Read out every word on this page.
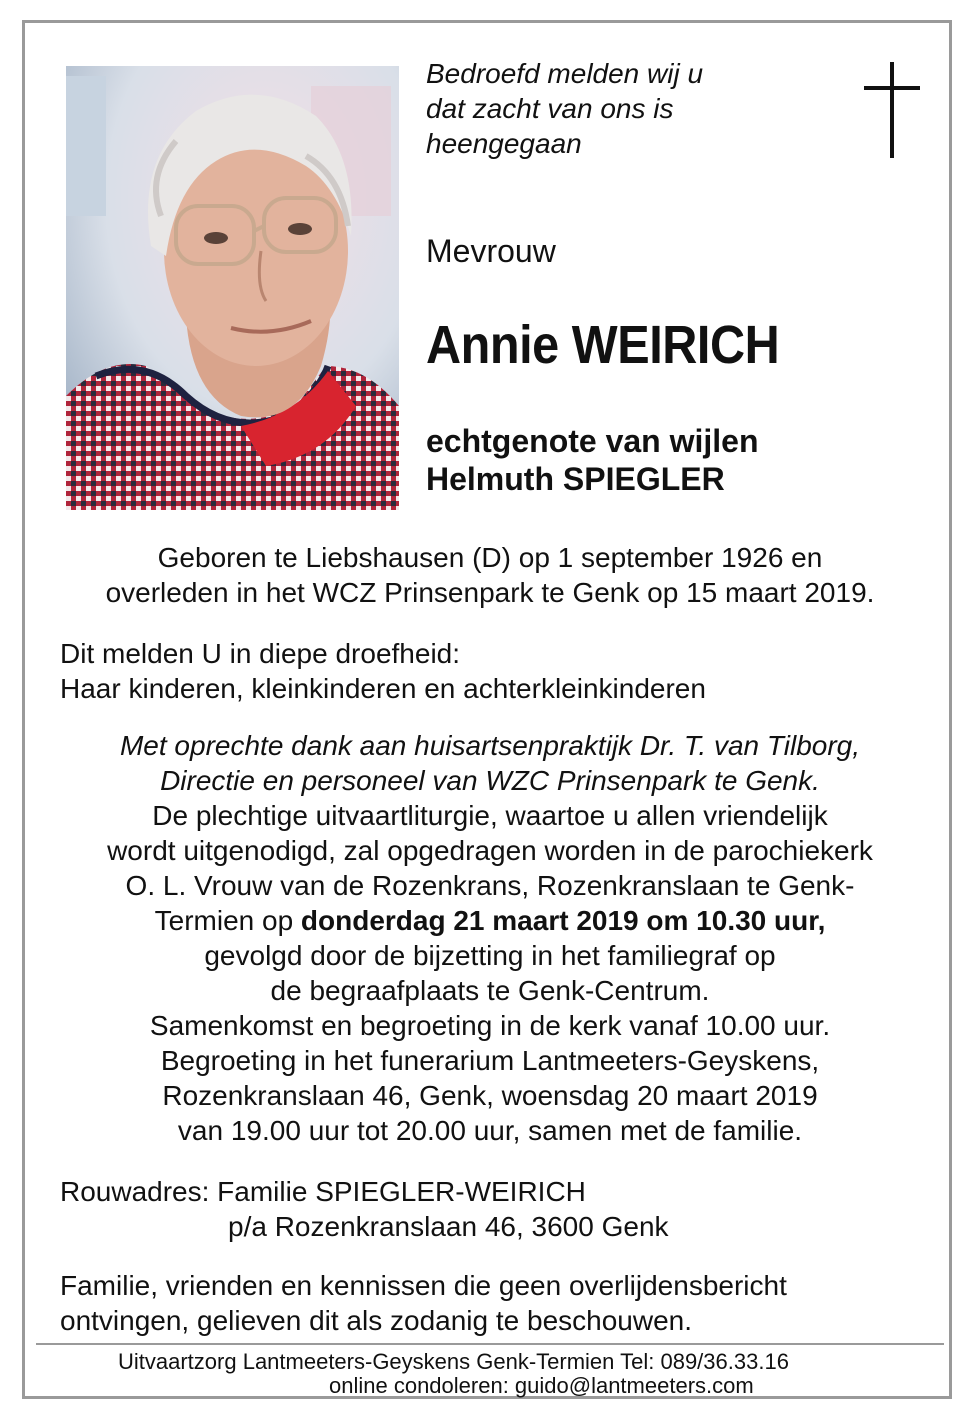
Bedroefd melden wij u
dat zacht van ons is
heengegaan
Mevrouw
Annie WEIRICH
echtgenote van wijlen
Helmuth SPIEGLER
Geboren te Liebshausen (D) op 1 september 1926 en
overleden in het WCZ Prinsenpark te Genk op 15 maart 2019.
Dit melden U in diepe droefheid:
Haar kinderen, kleinkinderen en achterkleinkinderen
Met oprechte dank aan huisartsenpraktijk Dr. T. van Tilborg,
Directie en personeel van WZC Prinsenpark te Genk.
De plechtige uitvaartliturgie, waartoe u allen vriendelijk
wordt uitgenodigd, zal opgedragen worden in de parochiekerk
O. L. Vrouw van de Rozenkrans, Rozenkranslaan te Genk-
Termien op donderdag 21 maart 2019 om 10.30 uur,
gevolgd door de bijzetting in het familiegraf op
de begraafplaats te Genk-Centrum.
Samenkomst en begroeting in de kerk vanaf 10.00 uur.
Begroeting in het funerarium Lantmeeters-Geyskens,
Rozenkranslaan 46, Genk, woensdag 20 maart 2019
van 19.00 uur tot 20.00 uur, samen met de familie.
Rouwadres: Familie SPIEGLER-WEIRICH
p/a Rozenkranslaan 46, 3600 Genk
Familie, vrienden en kennissen die geen overlijdensbericht
ontvingen, gelieven dit als zodanig te beschouwen.
Uitvaartzorg Lantmeeters-Geyskens Genk-Termien Tel: 089/36.33.16
online condoleren: guido@lantmeeters.com
